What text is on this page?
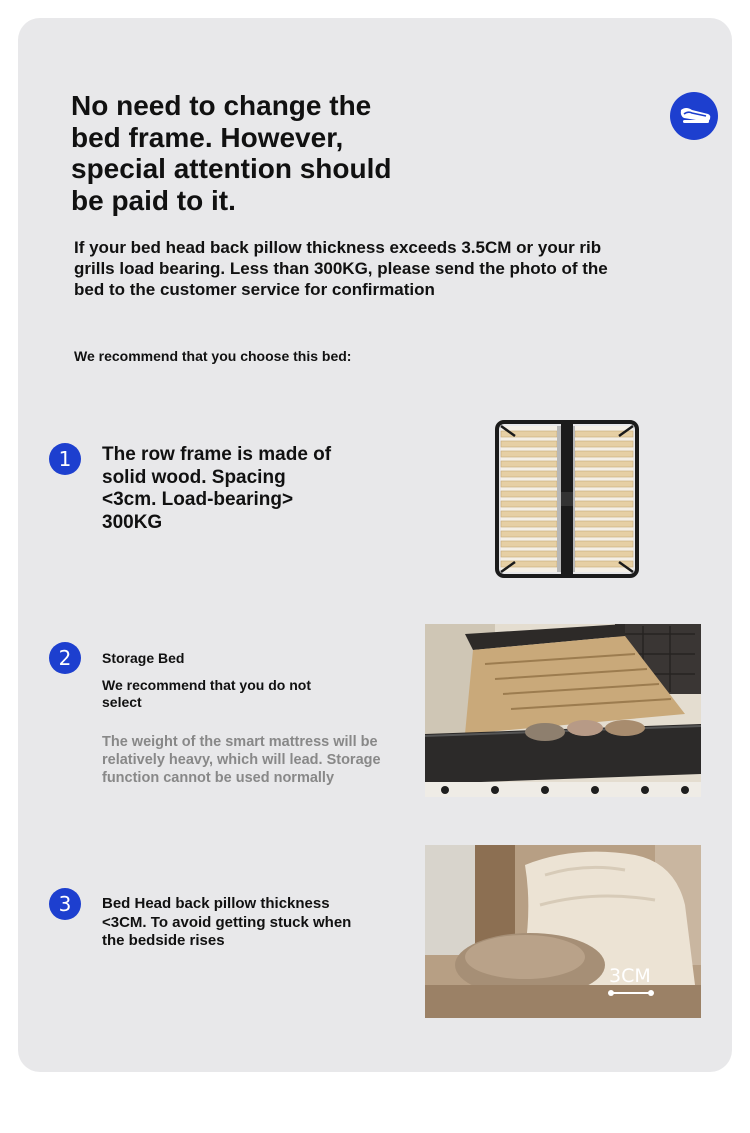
No need to change the bed frame. However, special attention should be paid to it.

If your bed head back pillow thickness exceeds 3.5CM or your rib grills load bearing. Less than 300KG, please send the photo of the bed to the customer service for confirmation

We recommend that you choose this bed:

1	The row frame is made of solid wood. Spacing <3cm. Load-bearing> 300KG

2	Storage Bed

We recommend that you do not select

The weight of the smart mattress will be relatively heavy, which will lead. Storage function cannot be used normally

3	Bed Head back pillow thickness <3CM. To avoid getting stuck when the bedside rises

3CM
